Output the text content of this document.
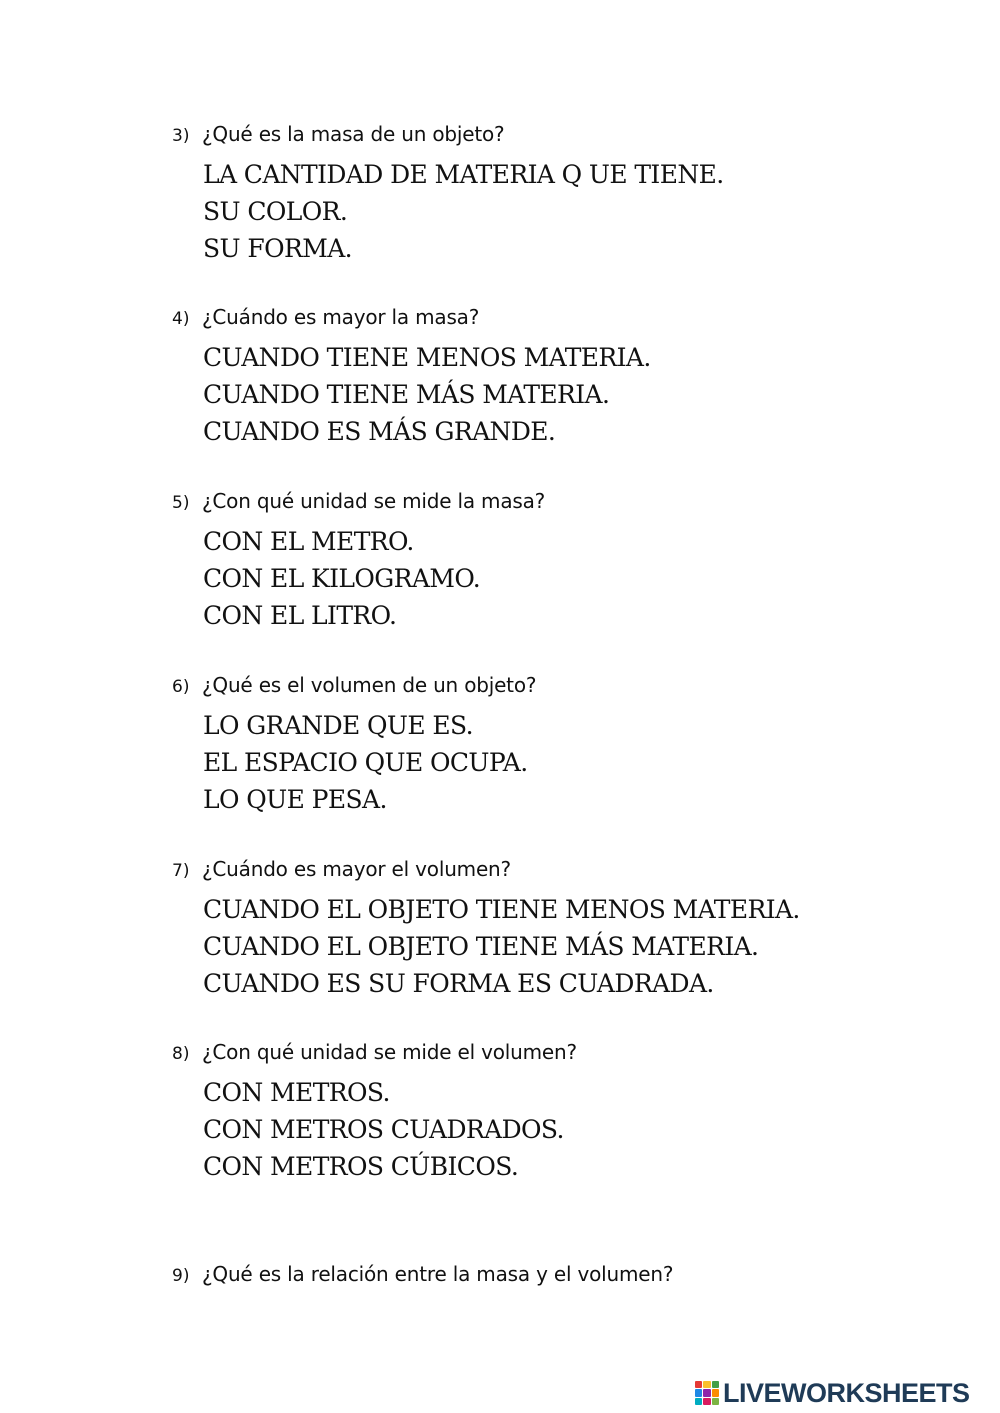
3) ¿Qué es la masa de un objeto?
LA CANTIDAD DE MATERIA Q UE TIENE.
SU COLOR.
SU FORMA.
4) ¿Cuándo es mayor la masa?
CUANDO TIENE MENOS MATERIA.
CUANDO TIENE MÁS MATERIA.
CUANDO ES MÁS GRANDE.
5) ¿Con qué unidad se mide la masa?
CON EL METRO.
CON EL KILOGRAMO.
CON EL LITRO.
6) ¿Qué es el volumen de un objeto?
LO GRANDE QUE ES.
EL ESPACIO QUE OCUPA.
LO QUE PESA.
7) ¿Cuándo es mayor el volumen?
CUANDO EL OBJETO TIENE MENOS MATERIA.
CUANDO EL OBJETO TIENE MÁS MATERIA.
CUANDO ES SU FORMA ES CUADRADA.
8) ¿Con qué unidad se mide el volumen?
CON METROS.
CON METROS CUADRADOS.
CON METROS CÚBICOS.
9) ¿Qué es la relación entre la masa y el volumen?
LIVEWORKSHEETS
